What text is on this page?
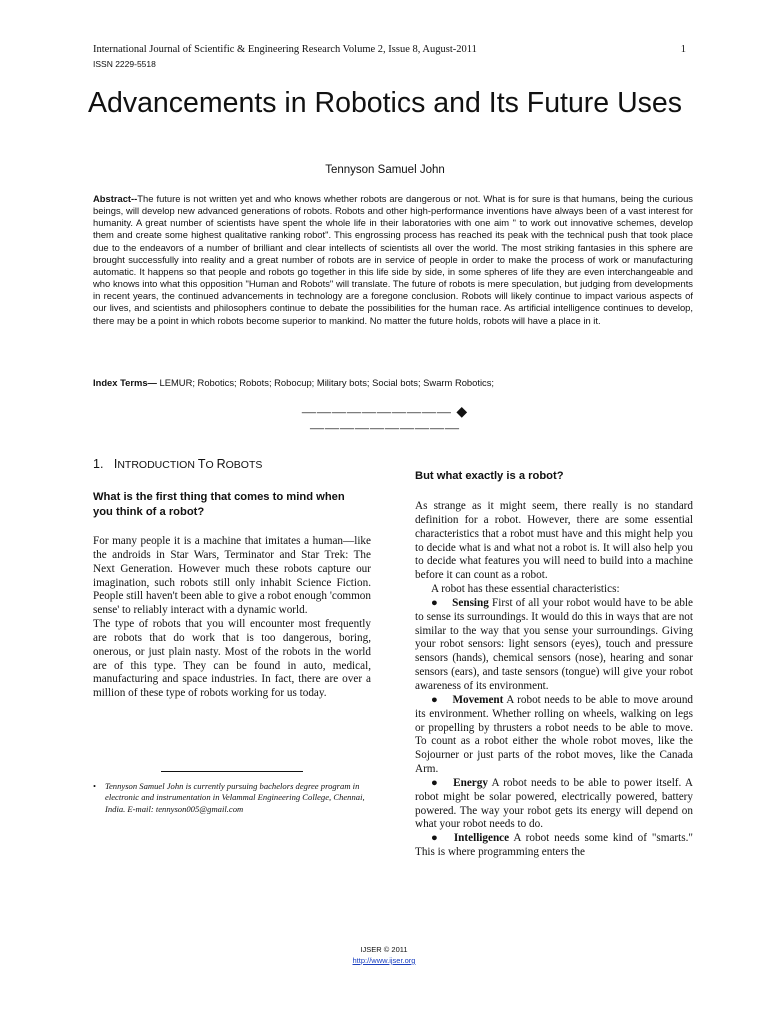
International Journal of Scientific & Engineering Research Volume 2, Issue 8, August-2011
ISSN 2229-5518
1
Advancements in Robotics and Its Future Uses
Tennyson Samuel John

Abstract--The future is not written yet and who knows whether robots are dangerous or not. What is for sure is that humans, being the curious beings, will develop new advanced generations of robots. Robots and other high-performance inventions have always been of a vast interest for humanity. A great number of scientists have spent the whole life in their laboratories with one aim " to work out innovative schemes, develop them and create some highest qualitative ranking robot". This engrossing process has reached its peak with the technical push that took place due to the endeavors of a number of brilliant and clear intellects of scientists all over the world. The most striking fantasies in this sphere are brought successfully into reality and a great number of robots are in service of people in order to make the process of work or manufacturing automatic. It happens so that people and robots go together in this life side by side, in some spheres of life they are even interchangeable and who knows into what this opposition "Human and Robots" will translate. The future of robots is mere speculation, but judging from developments in recent years, the continued advancements in technology are a foregone conclusion. Robots will likely continue to impact various aspects of our lives, and scientists and philosophers continue to debate the possibilities for the human race. As artificial intelligence continues to develop, there may be a point in which robots become superior to mankind. No matter the future holds, robots will have a place in it.

Index Terms— LEMUR; Robotics; Robots; Robocup; Military bots; Social bots; Swarm Robotics;

—————————— ◆ ——————————
1. INTRODUCTION TO ROBOTS

What is the first thing that comes to mind when you think of a robot?

For many people it is a machine that imitates a human—like the androids in Star Wars, Terminator and Star Trek: The Next Generation. However much these robots capture our imagination, such robots still only inhabit Science Fiction. People still haven't been able to give a robot enough 'common sense' to reliably interact with a dynamic world.

The type of robots that you will encounter most frequently are robots that do work that is too dangerous, boring, onerous, or just plain nasty. Most of the robots in the world are of this type. They can be found in auto, medical, manufacturing and space industries. In fact, there are over a million of these type of robots working for us today.

•	Tennyson Samuel John is currently pursuing bachelors degree program in electronic and instrumentation in Velammal Engineering College, Chennai, India. E-mail: tennyson005@gmail.com

But what exactly is a robot?

As strange as it might seem, there really is no standard definition for a robot. However, there are some essential characteristics that a robot must have and this might help you to decide what is and what not a robot is. It will also help you to decide what features you will need to build into a machine before it can count as a robot.

A robot has these essential characteristics:

● Sensing First of all your robot would have to be able to sense its surroundings. It would do this in ways that are not similar to the way that you sense your surroundings. Giving your robot sensors: light sensors (eyes), touch and pressure sensors (hands), chemical sensors (nose), hearing and sonar sensors (ears), and taste sensors (tongue) will give your robot awareness of its environment.

● Movement A robot needs to be able to move around its environment. Whether rolling on wheels, walking on legs or propelling by thrusters a robot needs to be able to move. To count as a robot either the whole robot moves, like the Sojourner or just parts of the robot moves, like the Canada Arm.

● Energy A robot needs to be able to power itself. A robot might be solar powered, electrically powered, battery powered. The way your robot gets its energy will depend on what your robot needs to do.

● Intelligence A robot needs some kind of "smarts." This is where programming enters the

IJSER © 2011
http://www.ijser.org
